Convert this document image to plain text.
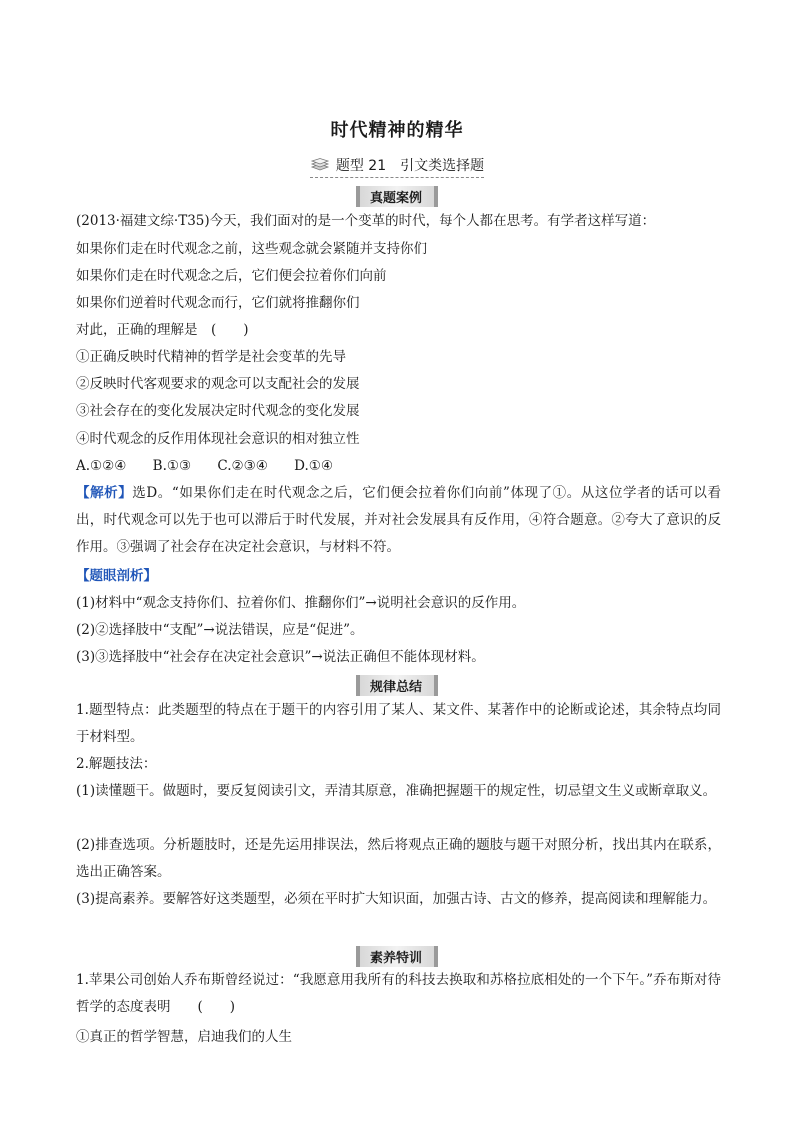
时代精神的精华
题型 21　引文类选择题
真题案例
(2013·福建文综·T35)今天，我们面对的是一个变革的时代，每个人都在思考。有学者这样写道：
如果你们走在时代观念之前，这些观念就会紧随并支持你们
如果你们走在时代观念之后，它们便会拉着你们向前
如果你们逆着时代观念而行，它们就将推翻你们
对此，正确的理解是　(　　)
①正确反映时代精神的哲学是社会变革的先导
②反映时代客观要求的观念可以支配社会的发展
③社会存在的变化发展决定时代观念的变化发展
④时代观念的反作用体现社会意识的相对独立性
A.①②④ B.①③ C.②③④ D.①④
【解析】选D。“如果你们走在时代观念之后，它们便会拉着你们向前”体现了①。从这位学者的话可以看出，时代观念可以先于也可以滞后于时代发展，并对社会发展具有反作用，④符合题意。②夸大了意识的反作用。③强调了社会存在决定社会意识，与材料不符。
【题眼剖析】
(1)材料中“观念支持你们、拉着你们、推翻你们”→说明社会意识的反作用。
(2)②选择肢中“支配”→说法错误，应是“促进”。
(3)③选择肢中“社会存在决定社会意识”→说法正确但不能体现材料。
规律总结
1.题型特点：此类题型的特点在于题干的内容引用了某人、某文件、某著作中的论断或论述，其余特点均同于材料型。
2.解题技法：
(1)读懂题干。做题时，要反复阅读引文，弄清其原意，准确把握题干的规定性，切忌望文生义或断章取义。
(2)排查选项。分析题肢时，还是先运用排误法，然后将观点正确的题肢与题干对照分析，找出其内在联系，选出正确答案。
(3)提高素养。要解答好这类题型，必须在平时扩大知识面，加强古诗、古文的修养，提高阅读和理解能力。
素养特训
1.苹果公司创始人乔布斯曾经说过：“我愿意用我所有的科技去换取和苏格拉底相处的一个下午。”乔布斯对待哲学的态度表明　　(　　)
①真正的哲学智慧，启迪我们的人生
